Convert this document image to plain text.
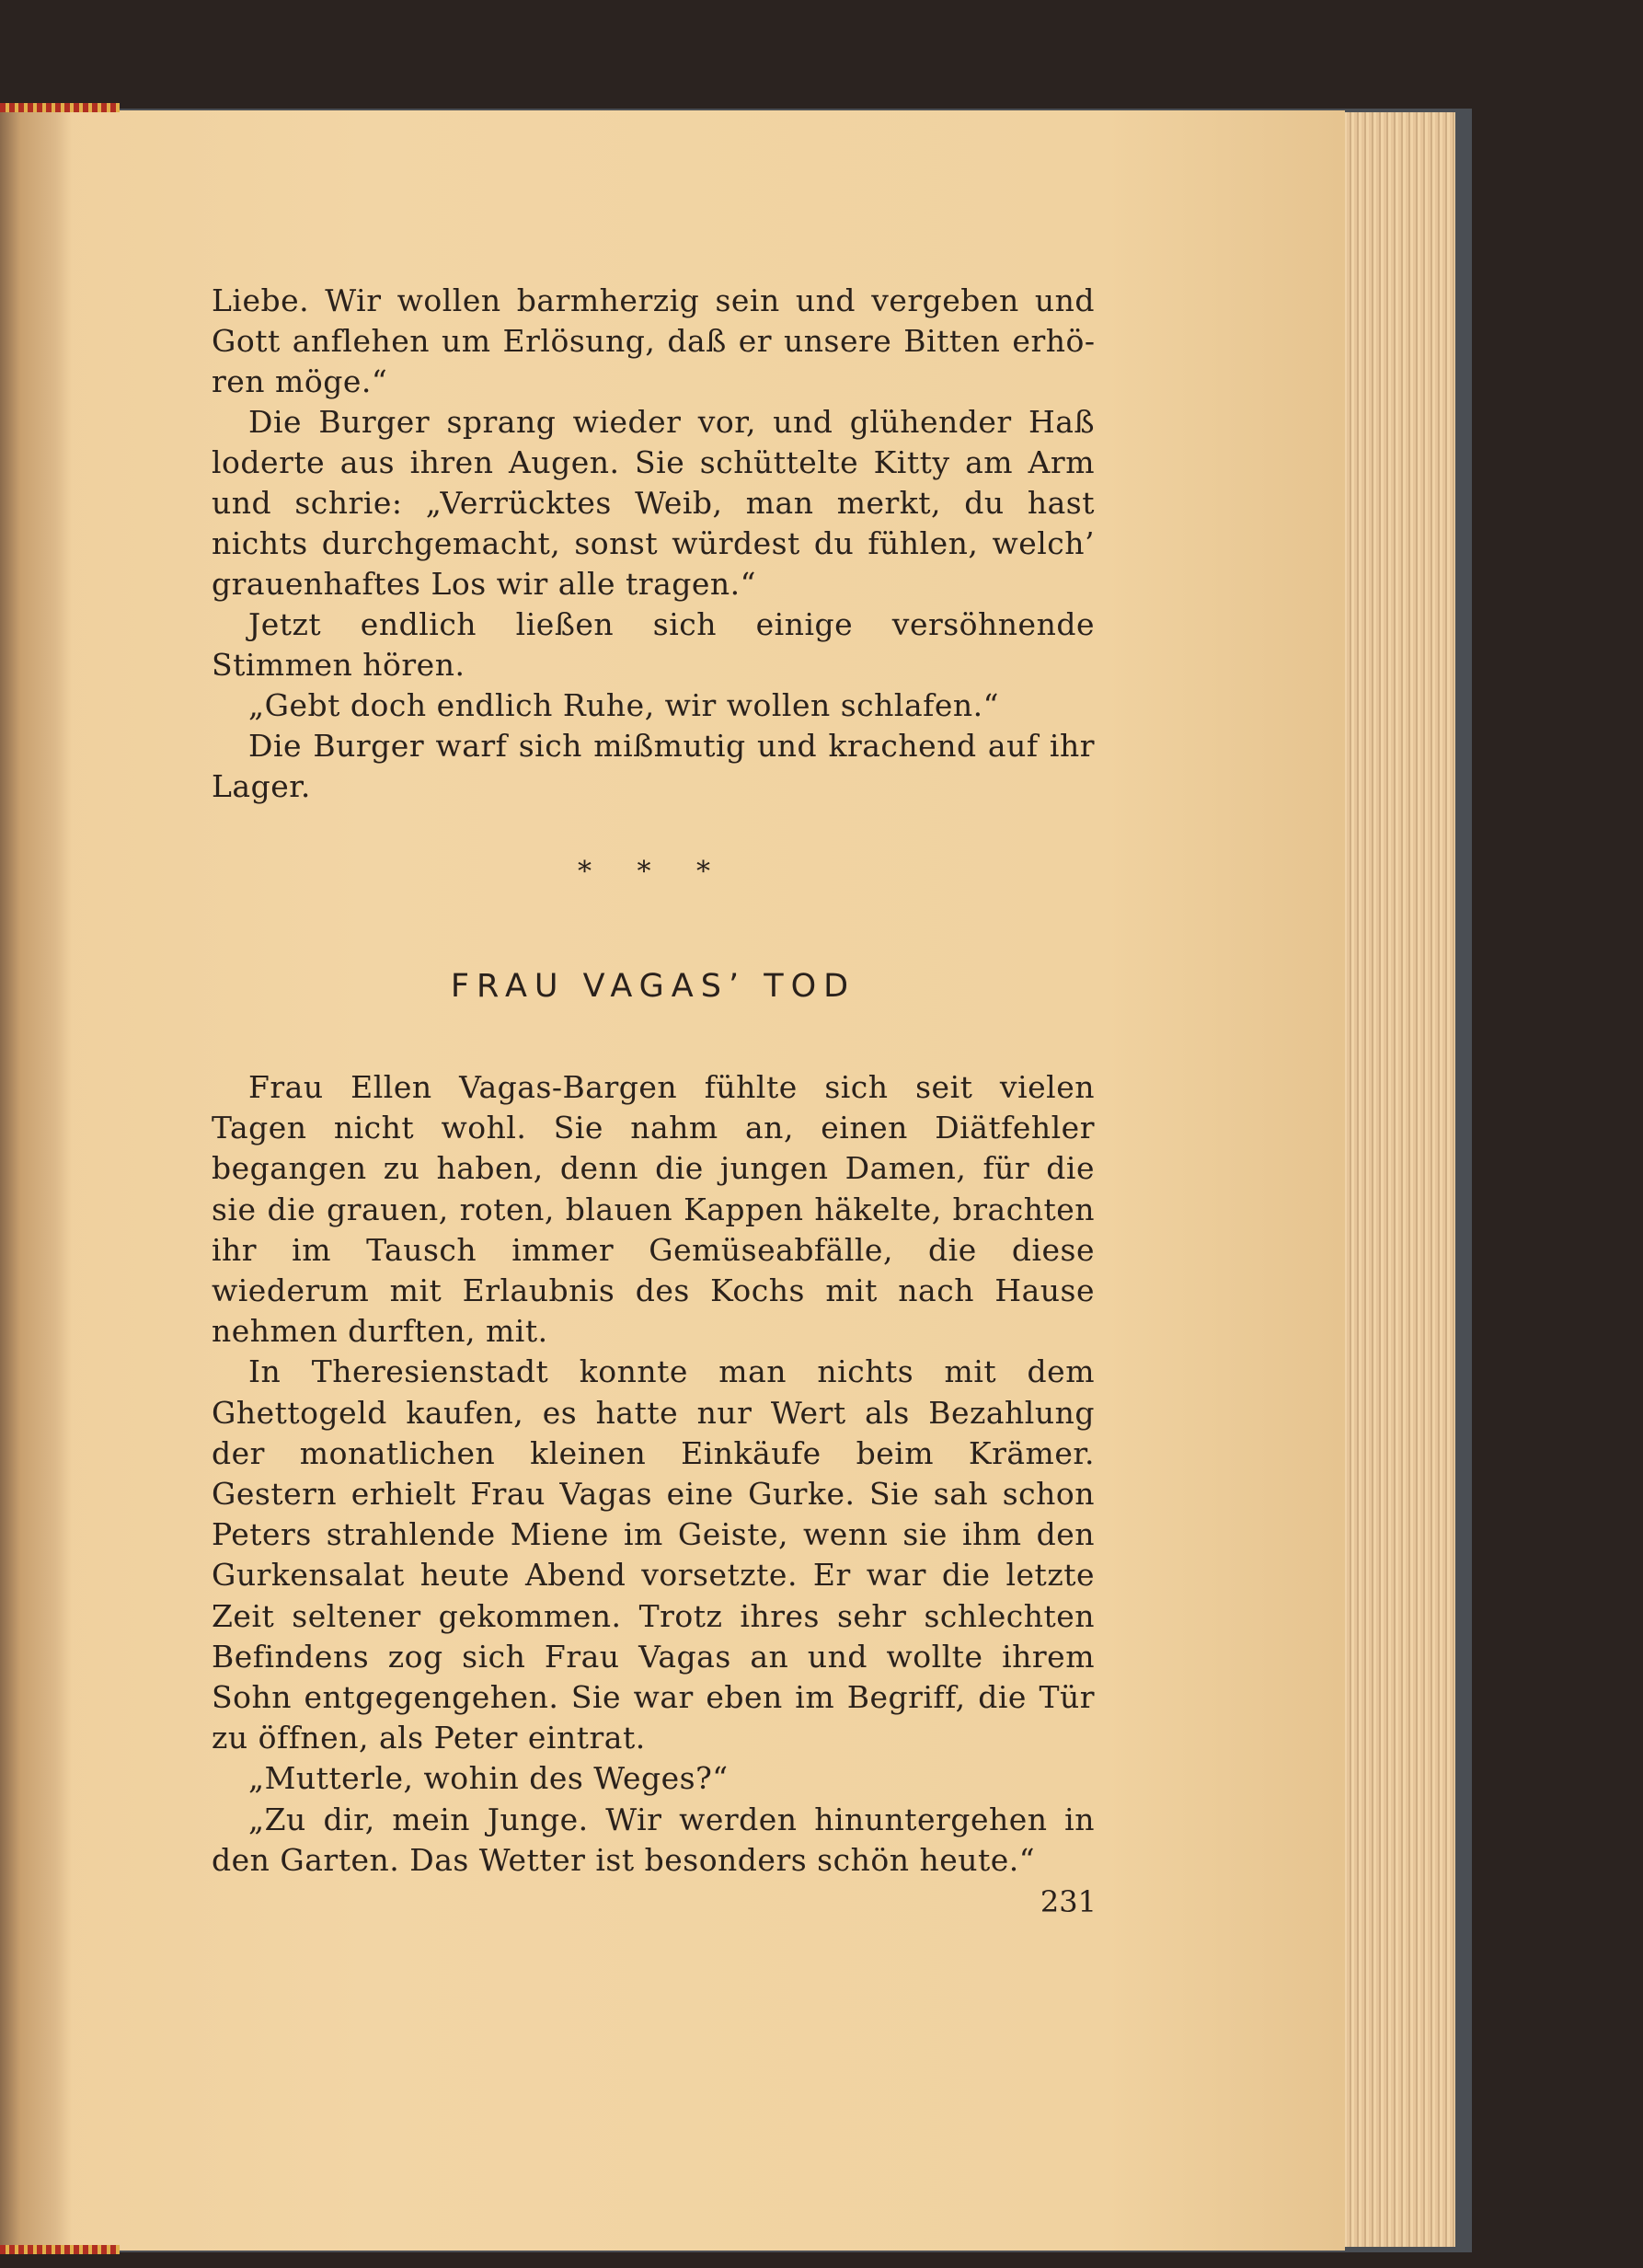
Liebe. Wir wollen barmherzig sein und vergeben und Gott anflehen um Erlösung, daß er unsere Bitten erhören möge.“

Die Burger sprang wieder vor, und glühender Haß loderte aus ihren Augen. Sie schüttelte Kitty am Arm und schrie: „Verrücktes Weib, man merkt, du hast nichts durchgemacht, sonst würdest du fühlen, welch’ grauenhaftes Los wir alle tragen.“

Jetzt endlich ließen sich einige versöhnende Stimmen hören.

„Gebt doch endlich Ruhe, wir wollen schlafen.“

Die Burger warf sich mißmutig und krachend auf ihr Lager.

* * *
FRAU VAGAS’ TOD

Frau Ellen Vagas-Bargen fühlte sich seit vielen Tagen nicht wohl. Sie nahm an, einen Diätfehler begangen zu haben, denn die jungen Damen, für die sie die grauen, roten, blauen Kappen häkelte, brachten ihr im Tausch immer Gemüseabfälle, die diese wiederum mit Erlaubnis des Kochs mit nach Hause nehmen durften, mit.

In Theresienstadt konnte man nichts mit dem Ghettogeld kaufen, es hatte nur Wert als Bezahlung der monatlichen kleinen Einkäufe beim Krämer. Gestern erhielt Frau Vagas eine Gurke. Sie sah schon Peters strahlende Miene im Geiste, wenn sie ihm den Gurkensalat heute Abend vorsetzte. Er war die letzte Zeit seltener gekommen. Trotz ihres sehr schlechten Befindens zog sich Frau Vagas an und wollte ihrem Sohn entgegengehen. Sie war eben im Begriff, die Tür zu öffnen, als Peter eintrat.

„Mutterle, wohin des Weges?“

„Zu dir, mein Junge. Wir werden hinuntergehen in den Garten. Das Wetter ist besonders schön heute.“

231
